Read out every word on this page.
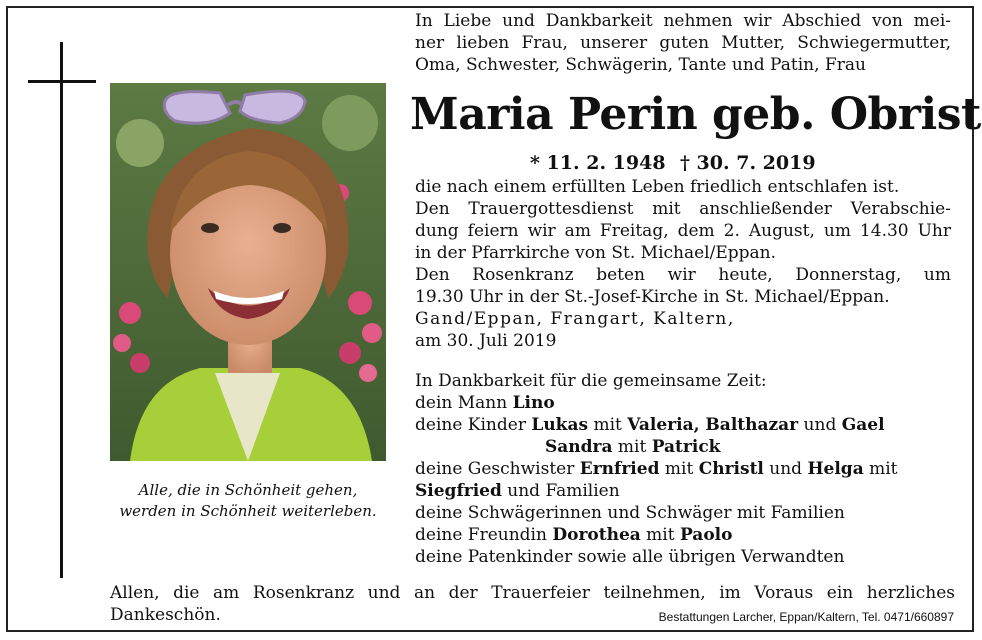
Alle, die in Schönheit gehen,
werden in Schönheit weiterleben.
In Liebe und Dankbarkeit nehmen wir Abschied von mei-
ner lieben Frau, unserer guten Mutter, Schwiegermutter,
Oma, Schwester, Schwägerin, Tante und Patin, Frau
Maria Perin geb. Obrist
* 11. 2. 1948 † 30. 7. 2019
die nach einem erfüllten Leben friedlich entschlafen ist.
Den Trauergottesdienst mit anschließender Verabschie-
dung feiern wir am Freitag, dem 2. August, um 14.30 Uhr
in der Pfarrkirche von St. Michael/Eppan.
Den Rosenkranz beten wir heute, Donnerstag, um
19.30 Uhr in der St.-Josef-Kirche in St. Michael/Eppan.
Gand/Eppan, Frangart, Kaltern,
am 30. Juli 2019
In Dankbarkeit für die gemeinsame Zeit:
dein Mann Lino
deine Kinder Lukas mit Valeria, Balthazar und Gael
Sandra mit Patrick
deine Geschwister Ernfried mit Christl und Helga mit
Siegfried und Familien
deine Schwägerinnen und Schwäger mit Familien
deine Freundin Dorothea mit Paolo
deine Patenkinder sowie alle übrigen Verwandten
Allen, die am Rosenkranz und an der Trauerfeier teilnehmen, im Voraus ein herzliches
Dankeschön.	Bestattungen Larcher, Eppan/Kaltern, Tel. 0471/660897
